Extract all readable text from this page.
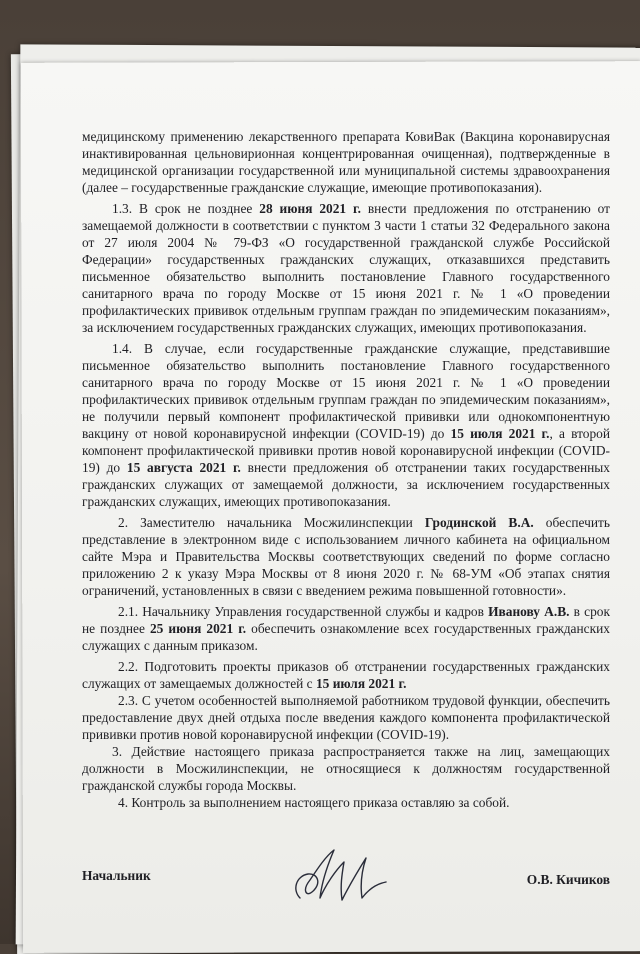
медицинскому применению лекарственного препарата КовиВак (Вакцина коронавирусная инактивированная цельновирионная концентрированная очищенная), подтвержденные в медицинской организации государственной или муниципальной системы здравоохранения (далее – государственные гражданские служащие, имеющие противопоказания).

1.3. В срок не позднее 28 июня 2021 г. внести предложения по отстранению от замещаемой должности в соответствии с пунктом 3 части 1 статьи 32 Федерального закона от 27 июля 2004 № 79-ФЗ «О государственной гражданской службе Российской Федерации» государственных гражданских служащих, отказавшихся представить письменное обязательство выполнить постановление Главного государственного санитарного врача по городу Москве от 15 июня 2021 г. № 1 «О проведении профилактических прививок отдельным группам граждан по эпидемическим показаниям», за исключением государственных гражданских служащих, имеющих противопоказания.

1.4. В случае, если государственные гражданские служащие, представившие письменное обязательство выполнить постановление Главного государственного санитарного врача по городу Москве от 15 июня 2021 г. № 1 «О проведении профилактических прививок отдельным группам граждан по эпидемическим показаниям», не получили первый компонент профилактической прививки или однокомпонентную вакцину от новой коронавирусной инфекции (COVID-19) до 15 июля 2021 г., а второй компонент профилактической прививки против новой коронавирусной инфекции (COVID-19) до 15 августа 2021 г. внести предложения об отстранении таких государственных гражданских служащих от замещаемой должности, за исключением государственных гражданских служащих, имеющих противопоказания.

2. Заместителю начальника Мосжилинспекции Гродинской В.А. обеспечить представление в электронном виде с использованием личного кабинета на официальном сайте Мэра и Правительства Москвы соответствующих сведений по форме согласно приложению 2 к указу Мэра Москвы от 8 июня 2020 г. № 68-УМ «Об этапах снятия ограничений, установленных в связи с введением режима повышенной готовности».

2.1. Начальнику Управления государственной службы и кадров Иванову А.В. в срок не позднее 25 июня 2021 г. обеспечить ознакомление всех государственных гражданских служащих с данным приказом.

2.2. Подготовить проекты приказов об отстранении государственных гражданских служащих от замещаемых должностей с 15 июля 2021 г.

2.3. С учетом особенностей выполняемой работником трудовой функции, обеспечить предоставление двух дней отдыха после введения каждого компонента профилактической прививки против новой коронавирусной инфекции (COVID-19).

3. Действие настоящего приказа распространяется также на лиц, замещающих должности в Мосжилинспекции, не относящиеся к должностям государственной гражданской службы города Москвы.

4. Контроль за выполнением настоящего приказа оставляю за собой.

Начальник	О.В. Кичиков
